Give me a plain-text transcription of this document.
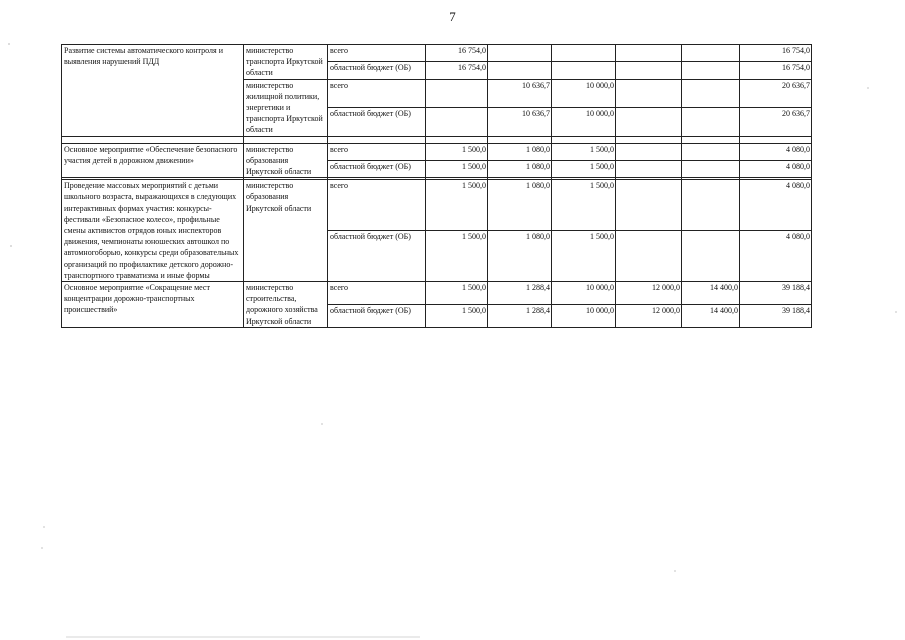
7
Развитие системы автоматического контроля и выявления нарушений ПДД	министерство транспорта Иркутской области	всего	16 754,0					16 754,0
		областной бюджет (ОБ)	16 754,0					16 754,0
	министерство жилищной политики, энергетики и транспорта Иркутской области	всего		10 636,7	10 000,0			20 636,7
		областной бюджет (ОБ)		10 636,7	10 000,0			20 636,7

Основное мероприятие «Обеспечение безопасного участия детей в дорожном движении»	министерство образования Иркутской области	всего	1 500,0	1 080,0	1 500,0			4 080,0
		областной бюджет (ОБ)	1 500,0	1 080,0	1 500,0			4 080,0

Проведение массовых мероприятий с детьми школьного возраста, выражающихся в следующих интерактивных формах участия: конкурсы-фестивали «Безопасное колесо», профильные смены активистов отрядов юных инспекторов движения, чемпионаты юношеских автошкол по автомногоборью, конкурсы среди образовательных организаций по профилактике детского дорожно-транспортного травматизма и иные формы	министерство образования Иркутской области	всего	1 500,0	1 080,0	1 500,0			4 080,0
		областной бюджет (ОБ)	1 500,0	1 080,0	1 500,0			4 080,0
Основное мероприятие «Сокращение мест концентрации дорожно-транспортных происшествий»	министерство строительства, дорожного хозяйства Иркутской области	всего	1 500,0	1 288,4	10 000,0	12 000,0	14 400,0	39 188,4
		областной бюджет (ОБ)	1 500,0	1 288,4	10 000,0	12 000,0	14 400,0	39 188,4
